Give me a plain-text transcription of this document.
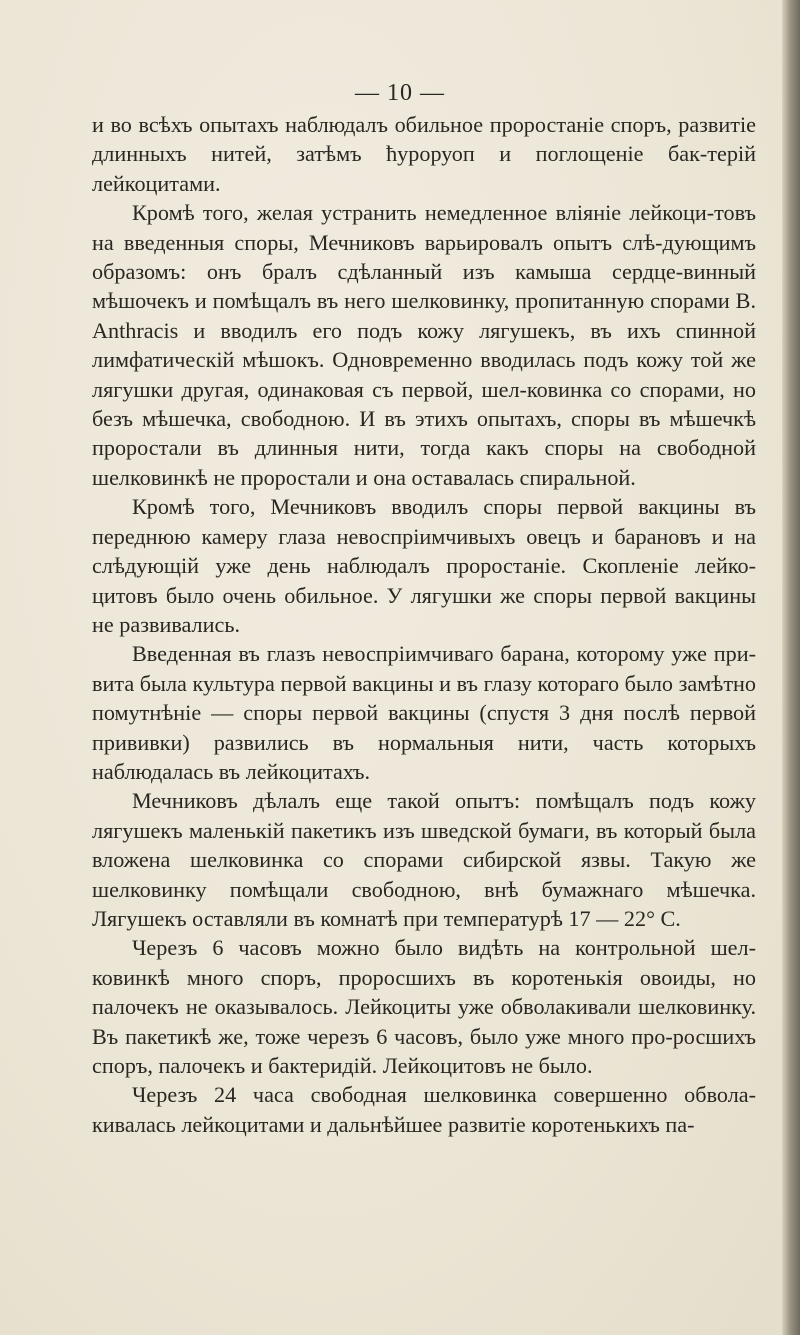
— 10 —

и во всѣхъ опытахъ наблюдалъ обильное проростаніе споръ, развитіе длинныхъ нитей, затѣмъ ħуроруоп и поглощеніе бак-терій лейкоцитами.

Кромѣ того, желая устранить немедленное вліяніе лейкоци-товъ на введенныя споры, Мечниковъ варьировалъ опытъ слѣ-дующимъ образомъ: онъ бралъ сдѣланный изъ камыша сердце-винный мѣшочекъ и помѣщалъ въ него шелковинку, пропитанную спорами В. Anthracis и вводилъ его подъ кожу лягушекъ, въ ихъ спинной лимфатическій мѣшокъ. Одновременно вводилась подъ кожу той же лягушки другая, одинаковая съ первой, шел-ковинка со спорами, но безъ мѣшечка, свободною. И въ этихъ опытахъ, споры въ мѣшечкѣ проростали въ длинныя нити, тогда какъ споры на свободной шелковинкѣ не проростали и она оставалась спиральной.

Кромѣ того, Мечниковъ вводилъ споры первой вакцины въ переднюю камеру глаза невоспріимчивыхъ овецъ и барановъ и на слѣдующій уже день наблюдалъ проростаніе. Скопленіе лейко-цитовъ было очень обильное. У лягушки же споры первой вакцины не развивались.

Введенная въ глазъ невоспріимчиваго барана, которому уже при-вита была культура первой вакцины и въ глазу котораго было замѣтно помутнѣніе — споры первой вакцины (спустя 3 дня послѣ первой прививки) развились въ нормальныя нити, часть которыхъ наблюдалась въ лейкоцитахъ.

Мечниковъ дѣлалъ еще такой опытъ: помѣщалъ подъ кожу лягушекъ маленькій пакетикъ изъ шведской бумаги, въ который была вложена шелковинка со спорами сибирской язвы. Такую же шелковинку помѣщали свободною, внѣ бумажнаго мѣшечка. Лягушекъ оставляли въ комнатѣ при температурѣ 17 — 22° С.

Черезъ 6 часовъ можно было видѣть на контрольной шел-ковинкѣ много споръ, проросшихъ въ коротенькія овоиды, но палочекъ не оказывалось. Лейкоциты уже обволакивали шелковинку. Въ пакетикѣ же, тоже черезъ 6 часовъ, было уже много про-росшихъ споръ, палочекъ и бактеридій. Лейкоцитовъ не было.

Черезъ 24 часа свободная шелковинка совершенно обвола-кивалась лейкоцитами и дальнѣйшее развитіе коротенькихъ па-
